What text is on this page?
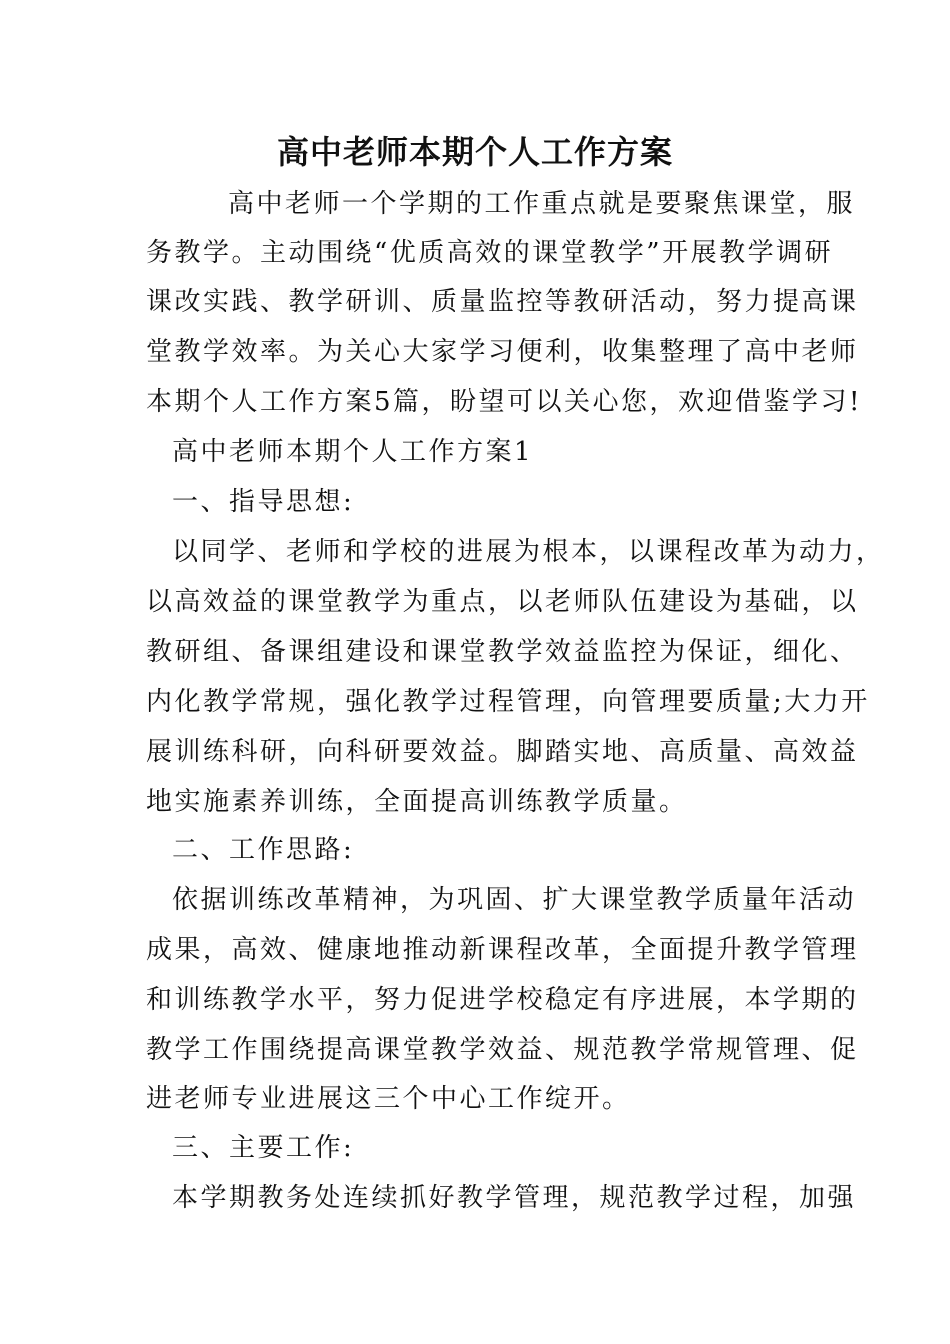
高中老师本期个人工作方案
高中老师一个学期的工作重点就是要聚焦课堂，服
务教学。主动围绕“优质高效的课堂教学”开展教学调研
课改实践、教学研训、质量监控等教研活动，努力提高课
堂教学效率。为关心大家学习便利，收集整理了高中老师
本期个人工作方案5篇，盼望可以关心您，欢迎借鉴学习!
高中老师本期个人工作方案1
一、指导思想:
以同学、老师和学校的进展为根本，以课程改革为动力，
以高效益的课堂教学为重点，以老师队伍建设为基础，以
教研组、备课组建设和课堂教学效益监控为保证，细化、
内化教学常规，强化教学过程管理，向管理要质量;大力开
展训练科研，向科研要效益。脚踏实地、高质量、高效益
地实施素养训练，全面提高训练教学质量。
二、工作思路:
依据训练改革精神，为巩固、扩大课堂教学质量年活动
成果，高效、健康地推动新课程改革，全面提升教学管理
和训练教学水平，努力促进学校稳定有序进展，本学期的
教学工作围绕提高课堂教学效益、规范教学常规管理、促
进老师专业进展这三个中心工作绽开。
三、主要工作:
本学期教务处连续抓好教学管理，规范教学过程，加强
